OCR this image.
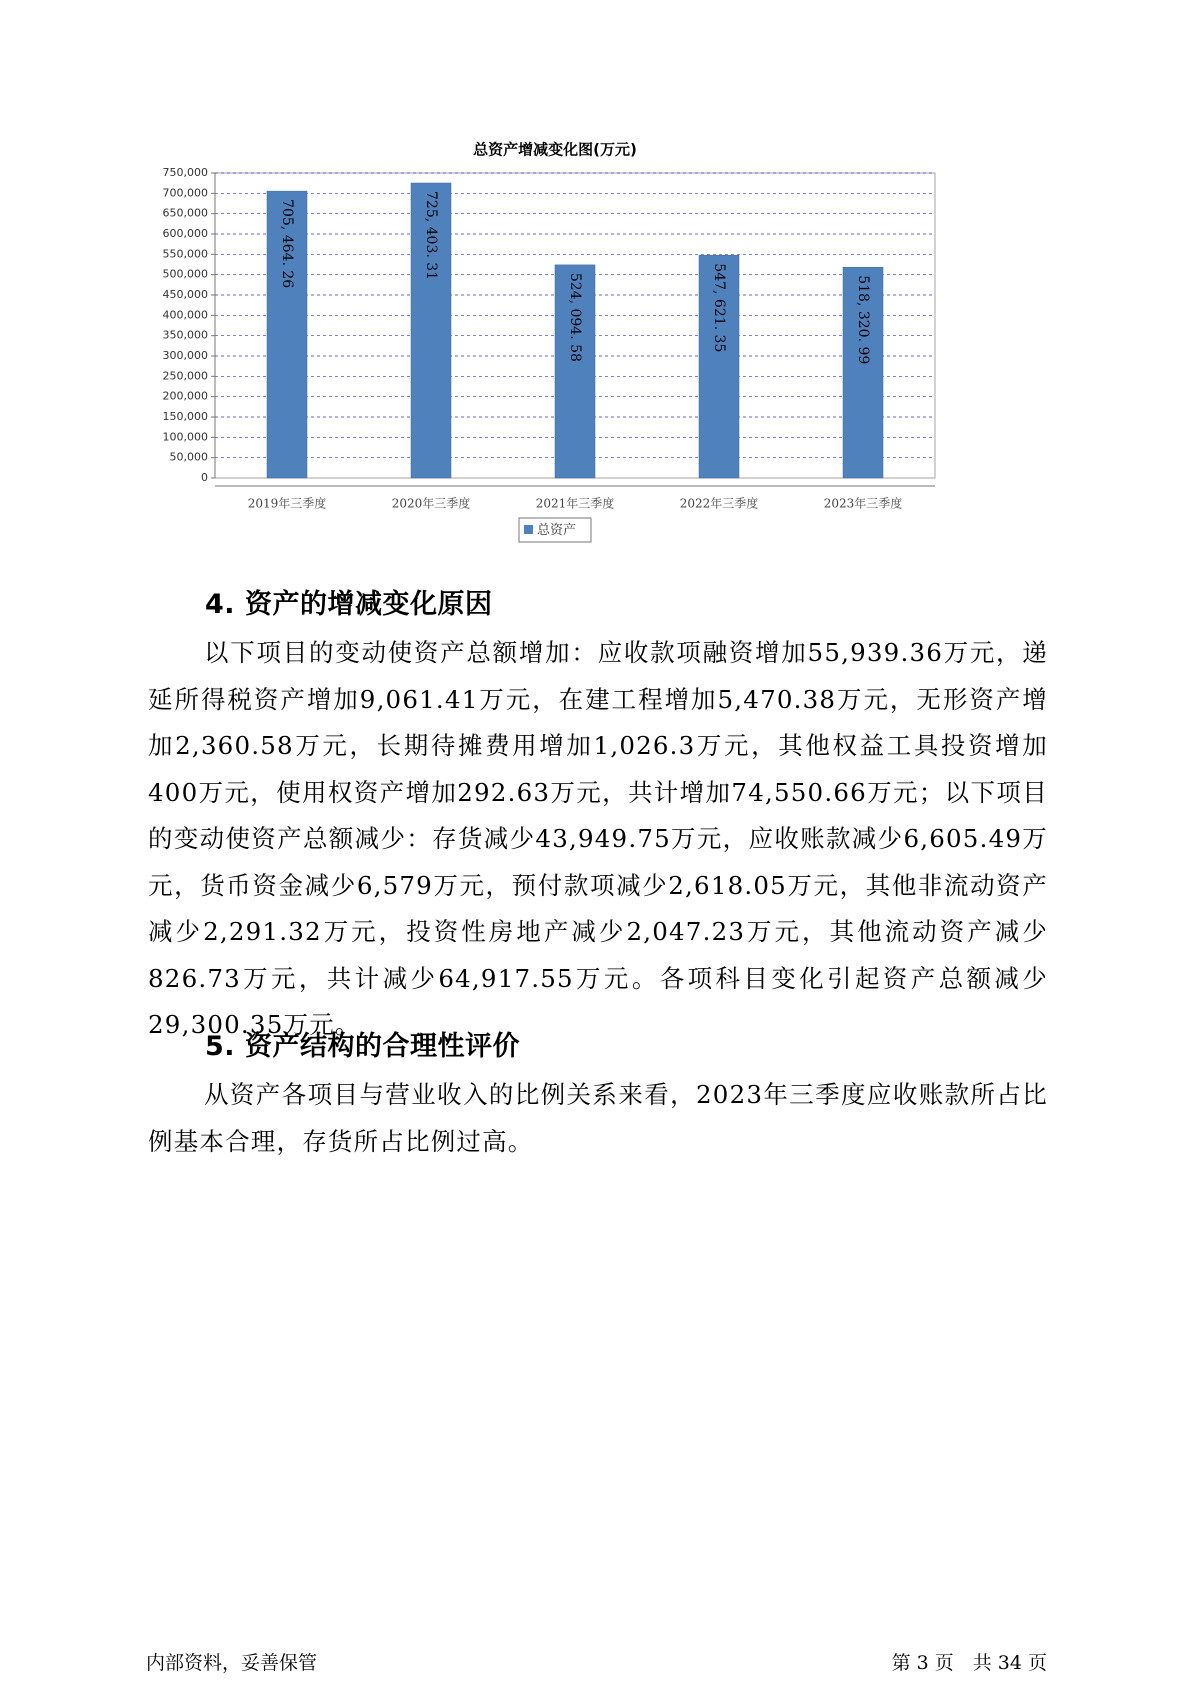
总资产增减变化图(万元)
0
50,000
100,000
150,000
200,000
250,000
300,000
350,000
400,000
450,000
500,000
550,000
600,000
650,000
700,000
750,000
705, 464. 26	725, 403. 31
524, 094. 58	547, 621. 35	518, 320. 99
2019年三季度	2020年三季度	2021年三季度	2022年三季度	2023年三季度
总资产
4. 资产的增减变化原因

以下项目的变动使资产总额增加：应收款项融资增加55,939.36万元，递延所得税资产增加9,061.41万元，在建工程增加5,470.38万元，无形资产增加2,360.58万元，长期待摊费用增加1,026.3万元，其他权益工具投资增加400万元，使用权资产增加292.63万元，共计增加74,550.66万元；以下项目的变动使资产总额减少：存货减少43,949.75万元，应收账款减少6,605.49万元，货币资金减少6,579万元，预付款项减少2,618.05万元，其他非流动资产减少2,291.32万元，投资性房地产减少2,047.23万元，其他流动资产减少826.73万元，共计减少64,917.55万元。各项科目变化引起资产总额减少29,300.35万元。

5. 资产结构的合理性评价

从资产各项目与营业收入的比例关系来看，2023年三季度应收账款所占比例基本合理，存货所占比例过高。

内部资料，妥善保管	第 3 页　共 34 页
